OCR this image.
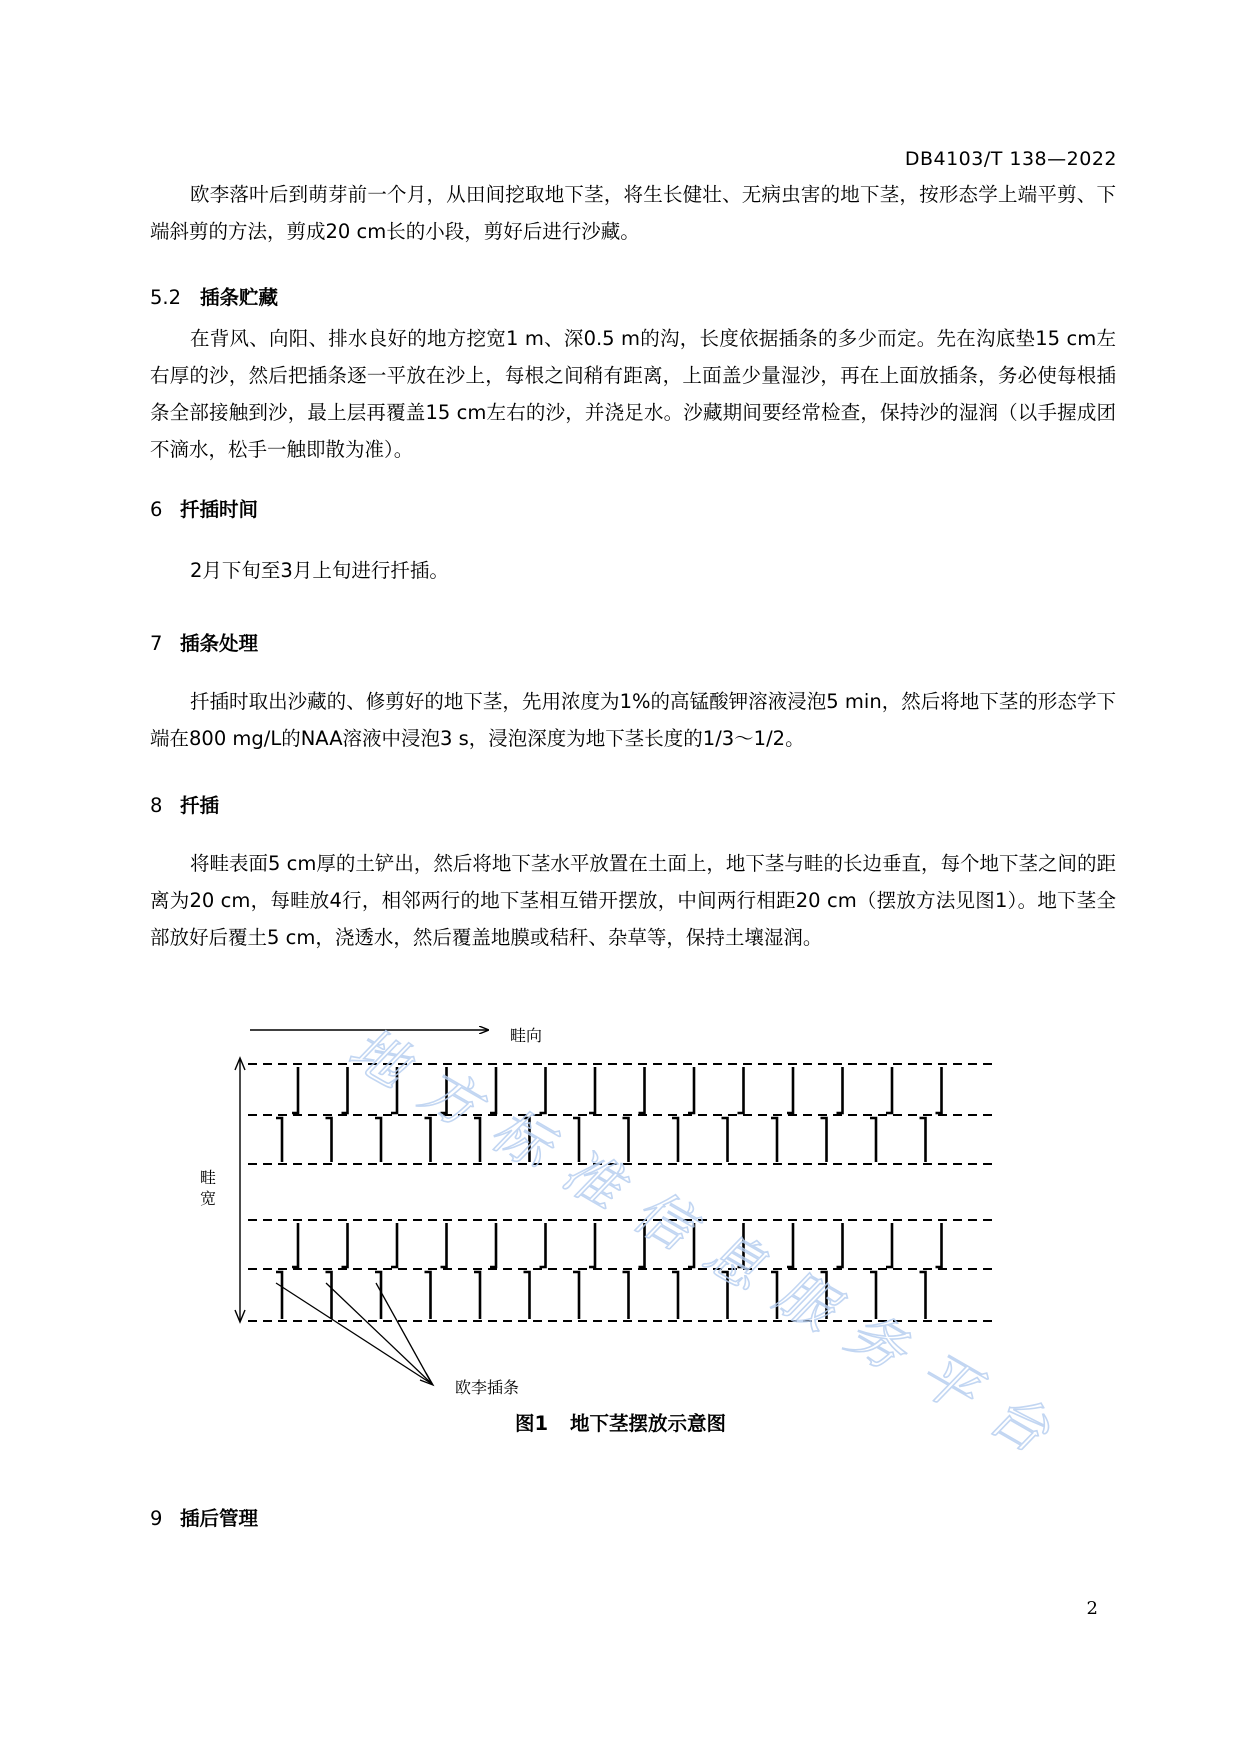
DB4103/T 138—2022

欧李落叶后到萌芽前一个月，从田间挖取地下茎，将生长健壮、无病虫害的地下茎，按形态学上端平剪、下端斜剪的方法，剪成20 cm长的小段，剪好后进行沙藏。

5.2 插条贮藏

在背风、向阳、排水良好的地方挖宽1 m、深0.5 m的沟，长度依据插条的多少而定。先在沟底垫15 cm左右厚的沙，然后把插条逐一平放在沙上，每根之间稍有距离，上面盖少量湿沙，再在上面放插条，务必使每根插条全部接触到沙，最上层再覆盖15 cm左右的沙，并浇足水。沙藏期间要经常检查，保持沙的湿润（以手握成团不滴水，松手一触即散为准）。

6 扦插时间

2月下旬至3月上旬进行扦插。

7 插条处理

扦插时取出沙藏的、修剪好的地下茎，先用浓度为1%的高锰酸钾溶液浸泡5 min，然后将地下茎的形态学下端在800 mg/L的NAA溶液中浸泡3 s，浸泡深度为地下茎长度的1/3～1/2。

8 扦插

将畦表面5 cm厚的土铲出，然后将地下茎水平放置在土面上，地下茎与畦的长边垂直，每个地下茎之间的距离为20 cm，每畦放4行，相邻两行的地下茎相互错开摆放，中间两行相距20 cm（摆放方法见图1）。地下茎全部放好后覆土5 cm，浇透水，然后覆盖地膜或秸秆、杂草等，保持土壤湿润。

畦向
畦
宽
欧李插条
图1 地下茎摆放示意图
9 插后管理
2
地
方
标
准
信
息
服
务
平
台
